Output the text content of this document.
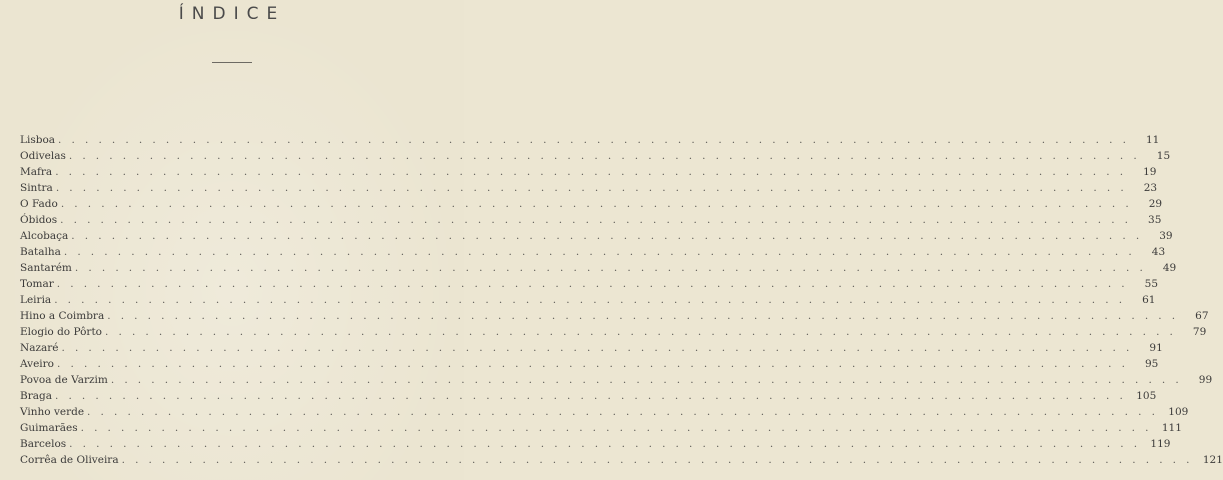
ÍNDICE
Lisboa . . . . . . . . . . . . . . . . . . . . . . . . . . . . . . . . . . . . . . . . . . . . . . . . . . . . . . . . . . . . . . . . . . . . . . . . . . . . . . . .	11
Odivelas . . . . . . . . . . . . . . . . . . . . . . . . . . . . . . . . . . . . . . . . . . . . . . . . . . . . . . . . . . . . . . . . . . . . . . . . . . . . . . . .	15
Mafra . . . . . . . . . . . . . . . . . . . . . . . . . . . . . . . . . . . . . . . . . . . . . . . . . . . . . . . . . . . . . . . . . . . . . . . . . . . . . . . .	19
Sintra . . . . . . . . . . . . . . . . . . . . . . . . . . . . . . . . . . . . . . . . . . . . . . . . . . . . . . . . . . . . . . . . . . . . . . . . . . . . . . . .	23
O Fado . . . . . . . . . . . . . . . . . . . . . . . . . . . . . . . . . . . . . . . . . . . . . . . . . . . . . . . . . . . . . . . . . . . . . . . . . . . . . . . .	29
Óbidos . . . . . . . . . . . . . . . . . . . . . . . . . . . . . . . . . . . . . . . . . . . . . . . . . . . . . . . . . . . . . . . . . . . . . . . . . . . . . . . .	35
Alcobaça . . . . . . . . . . . . . . . . . . . . . . . . . . . . . . . . . . . . . . . . . . . . . . . . . . . . . . . . . . . . . . . . . . . . . . . . . . . . . . . .	39
Batalha . . . . . . . . . . . . . . . . . . . . . . . . . . . . . . . . . . . . . . . . . . . . . . . . . . . . . . . . . . . . . . . . . . . . . . . . . . . . . . . .	43
Santarém . . . . . . . . . . . . . . . . . . . . . . . . . . . . . . . . . . . . . . . . . . . . . . . . . . . . . . . . . . . . . . . . . . . . . . . . . . . . . . . .	49
Tomar . . . . . . . . . . . . . . . . . . . . . . . . . . . . . . . . . . . . . . . . . . . . . . . . . . . . . . . . . . . . . . . . . . . . . . . . . . . . . . . .	55
Leiria . . . . . . . . . . . . . . . . . . . . . . . . . . . . . . . . . . . . . . . . . . . . . . . . . . . . . . . . . . . . . . . . . . . . . . . . . . . . . . . .	61
Hino a Coimbra . . . . . . . . . . . . . . . . . . . . . . . . . . . . . . . . . . . . . . . . . . . . . . . . . . . . . . . . . . . . . . . . . . . . . . . . . . . . . . . .	67
Elogio do Pôrto . . . . . . . . . . . . . . . . . . . . . . . . . . . . . . . . . . . . . . . . . . . . . . . . . . . . . . . . . . . . . . . . . . . . . . . . . . . . . . . .	79
Nazaré . . . . . . . . . . . . . . . . . . . . . . . . . . . . . . . . . . . . . . . . . . . . . . . . . . . . . . . . . . . . . . . . . . . . . . . . . . . . . . . .	91
Aveiro . . . . . . . . . . . . . . . . . . . . . . . . . . . . . . . . . . . . . . . . . . . . . . . . . . . . . . . . . . . . . . . . . . . . . . . . . . . . . . . .	95
Povoa de Varzim . . . . . . . . . . . . . . . . . . . . . . . . . . . . . . . . . . . . . . . . . . . . . . . . . . . . . . . . . . . . . . . . . . . . . . . . . . . . . . . .	99
Braga . . . . . . . . . . . . . . . . . . . . . . . . . . . . . . . . . . . . . . . . . . . . . . . . . . . . . . . . . . . . . . . . . . . . . . . . . . . . . . . . 105
Vinho verde . . . . . . . . . . . . . . . . . . . . . . . . . . . . . . . . . . . . . . . . . . . . . . . . . . . . . . . . . . . . . . . . . . . . . . . . . . . . . . . . 109
Guimarães . . . . . . . . . . . . . . . . . . . . . . . . . . . . . . . . . . . . . . . . . . . . . . . . . . . . . . . . . . . . . . . . . . . . . . . . . . . . . . . . 111
Barcelos . . . . . . . . . . . . . . . . . . . . . . . . . . . . . . . . . . . . . . . . . . . . . . . . . . . . . . . . . . . . . . . . . . . . . . . . . . . . . . . . 119
Corrêa de Oliveira . . . . . . . . . . . . . . . . . . . . . . . . . . . . . . . . . . . . . . . . . . . . . . . . . . . . . . . . . . . . . . . . . . . . . . . . . . . . . . . . 121
